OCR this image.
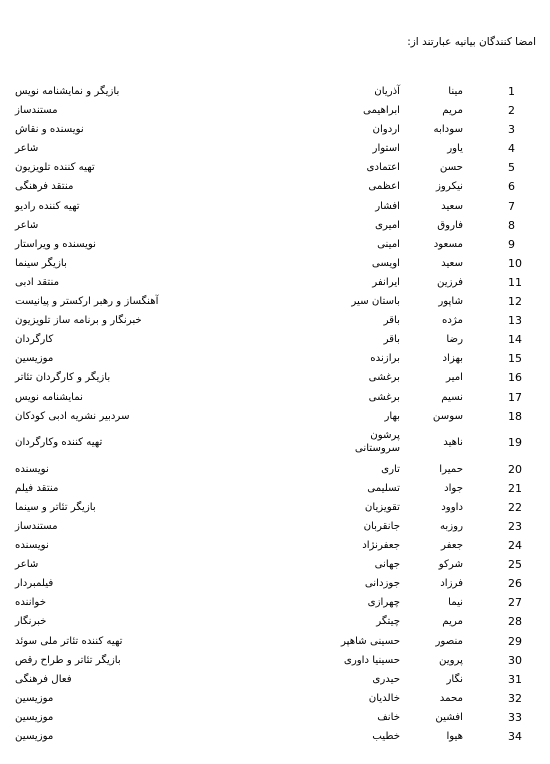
امضا کنندگان بیانیه عبارتند از:
1
مینا
آذریان
بازیگر و نمایشنامه نویس
2
مریم
ابراهیمی
مستندساز
3
سودابه
اردوان
نویسنده و نقاش
4
یاور
استوار
شاعر
5
حسن
اعتمادی
تهیه کننده تلویزیون
6
نیکروز
اعظمی
منتقد فرهنگی
7
سعید
افشار
تهیه کننده رادیو
8
فاروق
امیری
شاعر
9
مسعود
امینی
نویسنده و ویراستار
10
سعید
اویسی
بازیگر سینما
11
فرزین
ایرانفر
منتقد ادبی
12
شاپور
باستان سیر
آهنگساز و رهبر ارکستر و پیانیست
13
مژده
باقر
خبرنگار و برنامه ساز تلویزیون
14
رضا
باقر
کارگردان
15
بهزاد
برازنده
موزیسین
16
امیر
برغشی
بازیگر و کارگردان تئاتر
17
نسیم
برغشی
نمایشنامه نویس
18
سوسن
بهار
سردبیر نشریه ادبی کودکان
19
ناهید
پرشون سروستانی
تهیه کننده وکارگردان
20
حمیرا
تاری
نویسنده
21
جواد
تسلیمی
منتقد فیلم
22
داوود
تقویزیان
بازیگر تئاتر و سینما
23
روزبه
جانقربان
مستندساز
24
جعفر
جعفرنژاد
نویسنده
25
شرکو
جهانی
شاعر
26
فرزاد
جوزدانی
فیلمبردار
27
نیما
چهرازی
خواننده
28
مریم
چیتگر
خبرنگار
29
منصور
حسینی شاهپر
تهیه کننده تئاتر ملی سوئد
30
پروین
حسینیا داوری
بازیگر تئاتر و طراح رقص
31
نگار
حیدری
فعال فرهنگی
32
محمد
خالدیان
موزیسین
33
افشین
خانف
موزیسین
34
هیوا
خطیب
موزیسین
